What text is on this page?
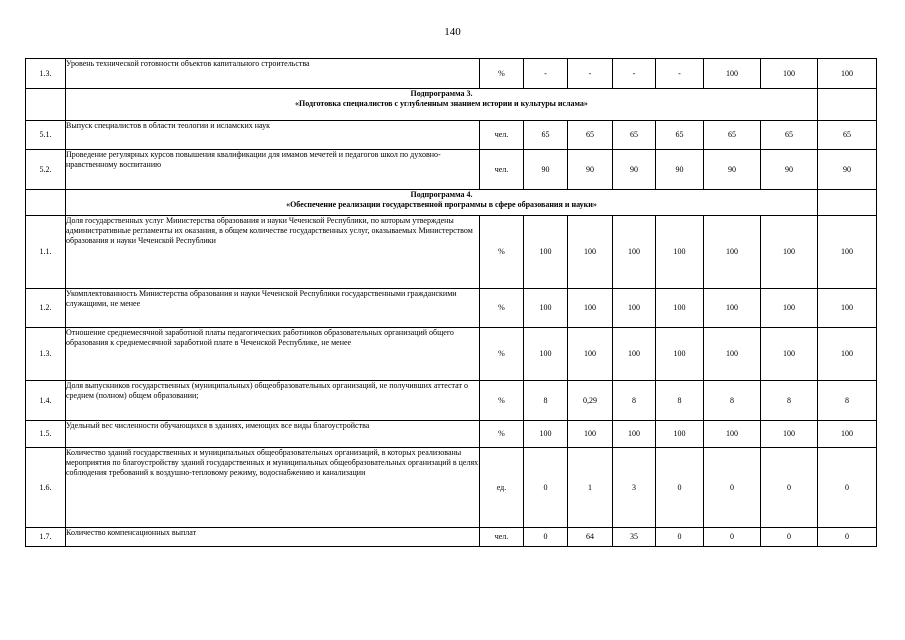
140
1.3.	Уровень технической готовности объектов капитального строительства	%	-	-	-	-	100	100	100

	Подпрограмма 3.
«Подготовка специалистов с углубленным знанием истории и культуры ислама»								

5.1.	Выпуск специалистов в области теологии и исламских наук	чел.	65	65	65	65	65	65	65
5.2.	Проведение регулярных курсов повышения квалификации для имамов мечетей и педагогов школ по духовно-нравственному воспитанию	чел.	90	90	90	90	90	90	90

	Подпрограмма 4.
«Обеспечение реализации государственной программы в сфере образования и науки»								

1.1.	Доля государственных услуг Министерства образования и науки Чеченской Республики, по которым утверждены административные регламенты их оказания, в общем количестве государственных услуг, оказываемых Министерством образования и науки Чеченской Республики	%	100	100	100	100	100	100	100
1.2.	Укомплектованность Министерства образования и науки Чеченской Республики государственными гражданскими служащими, не менее	%	100	100	100	100	100	100	100
1.3.	Отношение среднемесячной заработной платы педагогических работников образовательных организаций общего образования к среднемесячной заработной плате в Чеченской Республике, не менее	%	100	100	100	100	100	100	100
1.4.	Доля выпускников государственных (муниципальных) общеобразовательных организаций, не получивших аттестат о среднем (полном) общем образовании;	%	8	0,29	8	8	8	8	8
1.5.	Удельный вес численности обучающихся в зданиях, имеющих все виды благоустройства	%	100	100	100	100	100	100	100
1.6.	Количество зданий государственных и муниципальных общеобразовательных организаций, в которых реализованы мероприятия по благоустройству зданий государственных и муниципальных общеобразовательных организаций в целях соблюдения требований к воздушно-тепловому режиму, водоснабжению и канализации	ед.	0	1	3	0	0	0	0
1.7.	Количество компенсационных выплат	чел.	0	64	35	0	0	0	0
